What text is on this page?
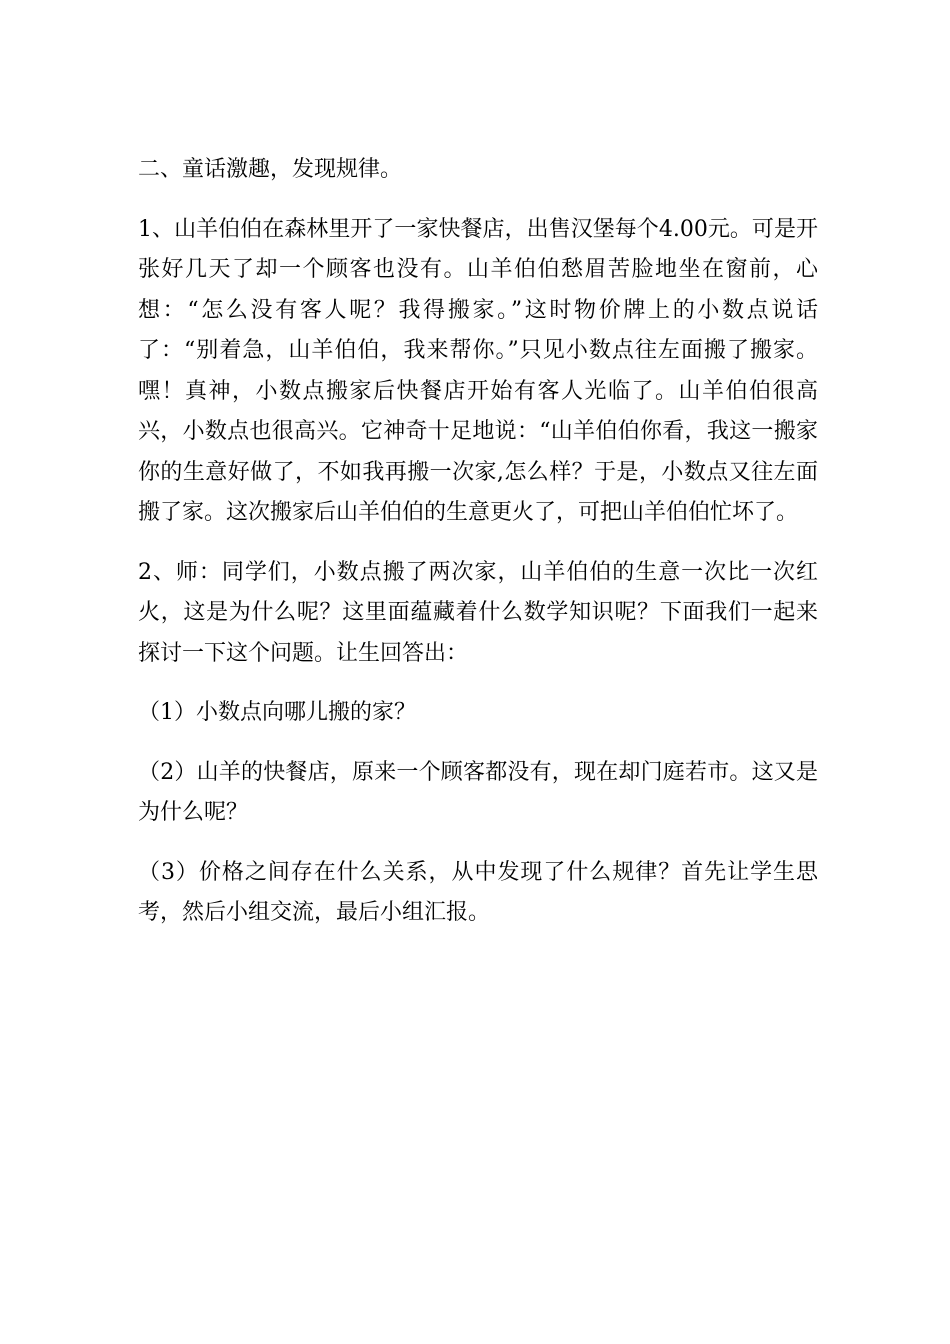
二、童话激趣，发现规律。

1、山羊伯伯在森林里开了一家快餐店，出售汉堡每个4.00元。可是开张好几天了却一个顾客也没有。山羊伯伯愁眉苦脸地坐在窗前，心想：“怎么没有客人呢？我得搬家。”这时物价牌上的小数点说话了：“别着急，山羊伯伯，我来帮你。”只见小数点往左面搬了搬家。嘿！真神，小数点搬家后快餐店开始有客人光临了。山羊伯伯很高兴，小数点也很高兴。它神奇十足地说：“山羊伯伯你看，我这一搬家你的生意好做了，不如我再搬一次家,怎么样？于是，小数点又往左面搬了家。这次搬家后山羊伯伯的生意更火了，可把山羊伯伯忙坏了。

2、师：同学们，小数点搬了两次家，山羊伯伯的生意一次比一次红火，这是为什么呢？这里面蕴藏着什么数学知识呢？下面我们一起来探讨一下这个问题。让生回答出：

（1）小数点向哪儿搬的家？

（2）山羊的快餐店，原来一个顾客都没有，现在却门庭若市。这又是为什么呢？

（3）价格之间存在什么关系，从中发现了什么规律？首先让学生思考，然后小组交流，最后小组汇报。
